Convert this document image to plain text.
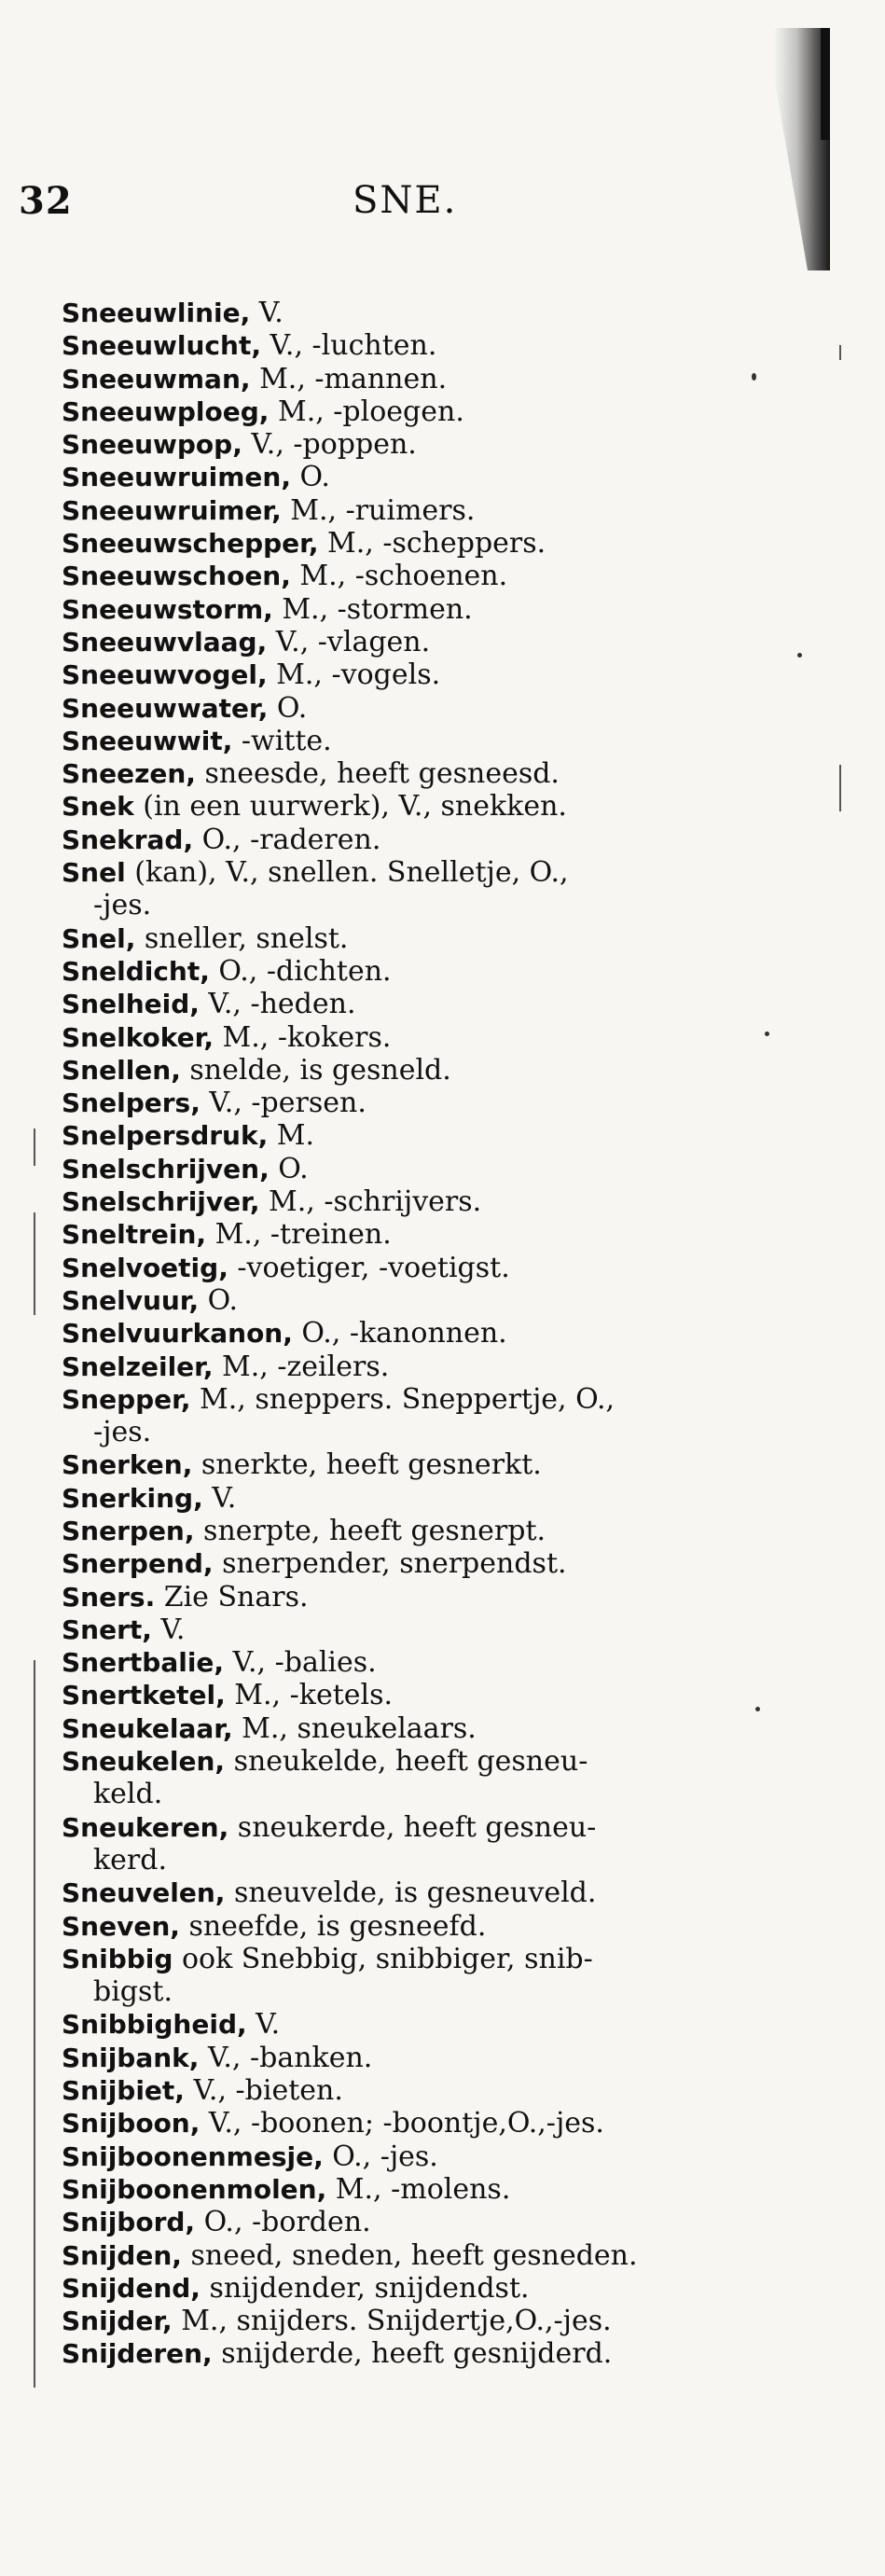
32	SNE.
Sneeuwlinie, V.
Sneeuwlucht, V., -luchten.
Sneeuwman, M., -mannen.
Sneeuwploeg, M., -ploegen.
Sneeuwpop, V., -poppen.
Sneeuwruimen, O.
Sneeuwruimer, M., -ruimers.
Sneeuwschepper, M., -scheppers.
Sneeuwschoen, M., -schoenen.
Sneeuwstorm, M., -stormen.
Sneeuwvlaag, V., -vlagen.
Sneeuwvogel, M., -vogels.
Sneeuwwater, O.
Sneeuwwit, -witte.
Sneezen, sneesde, heeft gesneesd.
Snek (in een uurwerk), V., snekken.
Snekrad, O., -raderen.
Snel (kan), V., snellen. Snelletje, O.,
-jes.
Snel, sneller, snelst.
Sneldicht, O., -dichten.
Snelheid, V., -heden.
Snelkoker, M., -kokers.
Snellen, snelde, is gesneld.
Snelpers, V., -persen.
Snelpersdruk, M.
Snelschrijven, O.
Snelschrijver, M., -schrijvers.
Sneltrein, M., -treinen.
Snelvoetig, -voetiger, -voetigst.
Snelvuur, O.
Snelvuurkanon, O., -kanonnen.
Snelzeiler, M., -zeilers.
Snepper, M., sneppers. Sneppertje, O.,
-jes.
Snerken, snerkte, heeft gesnerkt.
Snerking, V.
Snerpen, snerpte, heeft gesnerpt.
Snerpend, snerpender, snerpendst.
Sners. Zie Snars.
Snert, V.
Snertbalie, V., -balies.
Snertketel, M., -ketels.
Sneukelaar, M., sneukelaars.
Sneukelen, sneukelde, heeft gesneu-
keld.
Sneukeren, sneukerde, heeft gesneu-
kerd.
Sneuvelen, sneuvelde, is gesneuveld.
Sneven, sneefde, is gesneefd.
Snibbig ook Snebbig, snibbiger, snib-
bigst.
Snibbigheid, V.
Snijbank, V., -banken.
Snijbiet, V., -bieten.
Snijboon, V., -boonen; -boontje,O.,-jes.
Snijboonenmesje, O., -jes.
Snijboonenmolen, M., -molens.
Snijbord, O., -borden.
Snijden, sneed, sneden, heeft gesneden.
Snijdend, snijdender, snijdendst.
Snijder, M., snijders. Snijdertje,O.,-jes.
Snijderen, snijderde, heeft gesnijderd.
